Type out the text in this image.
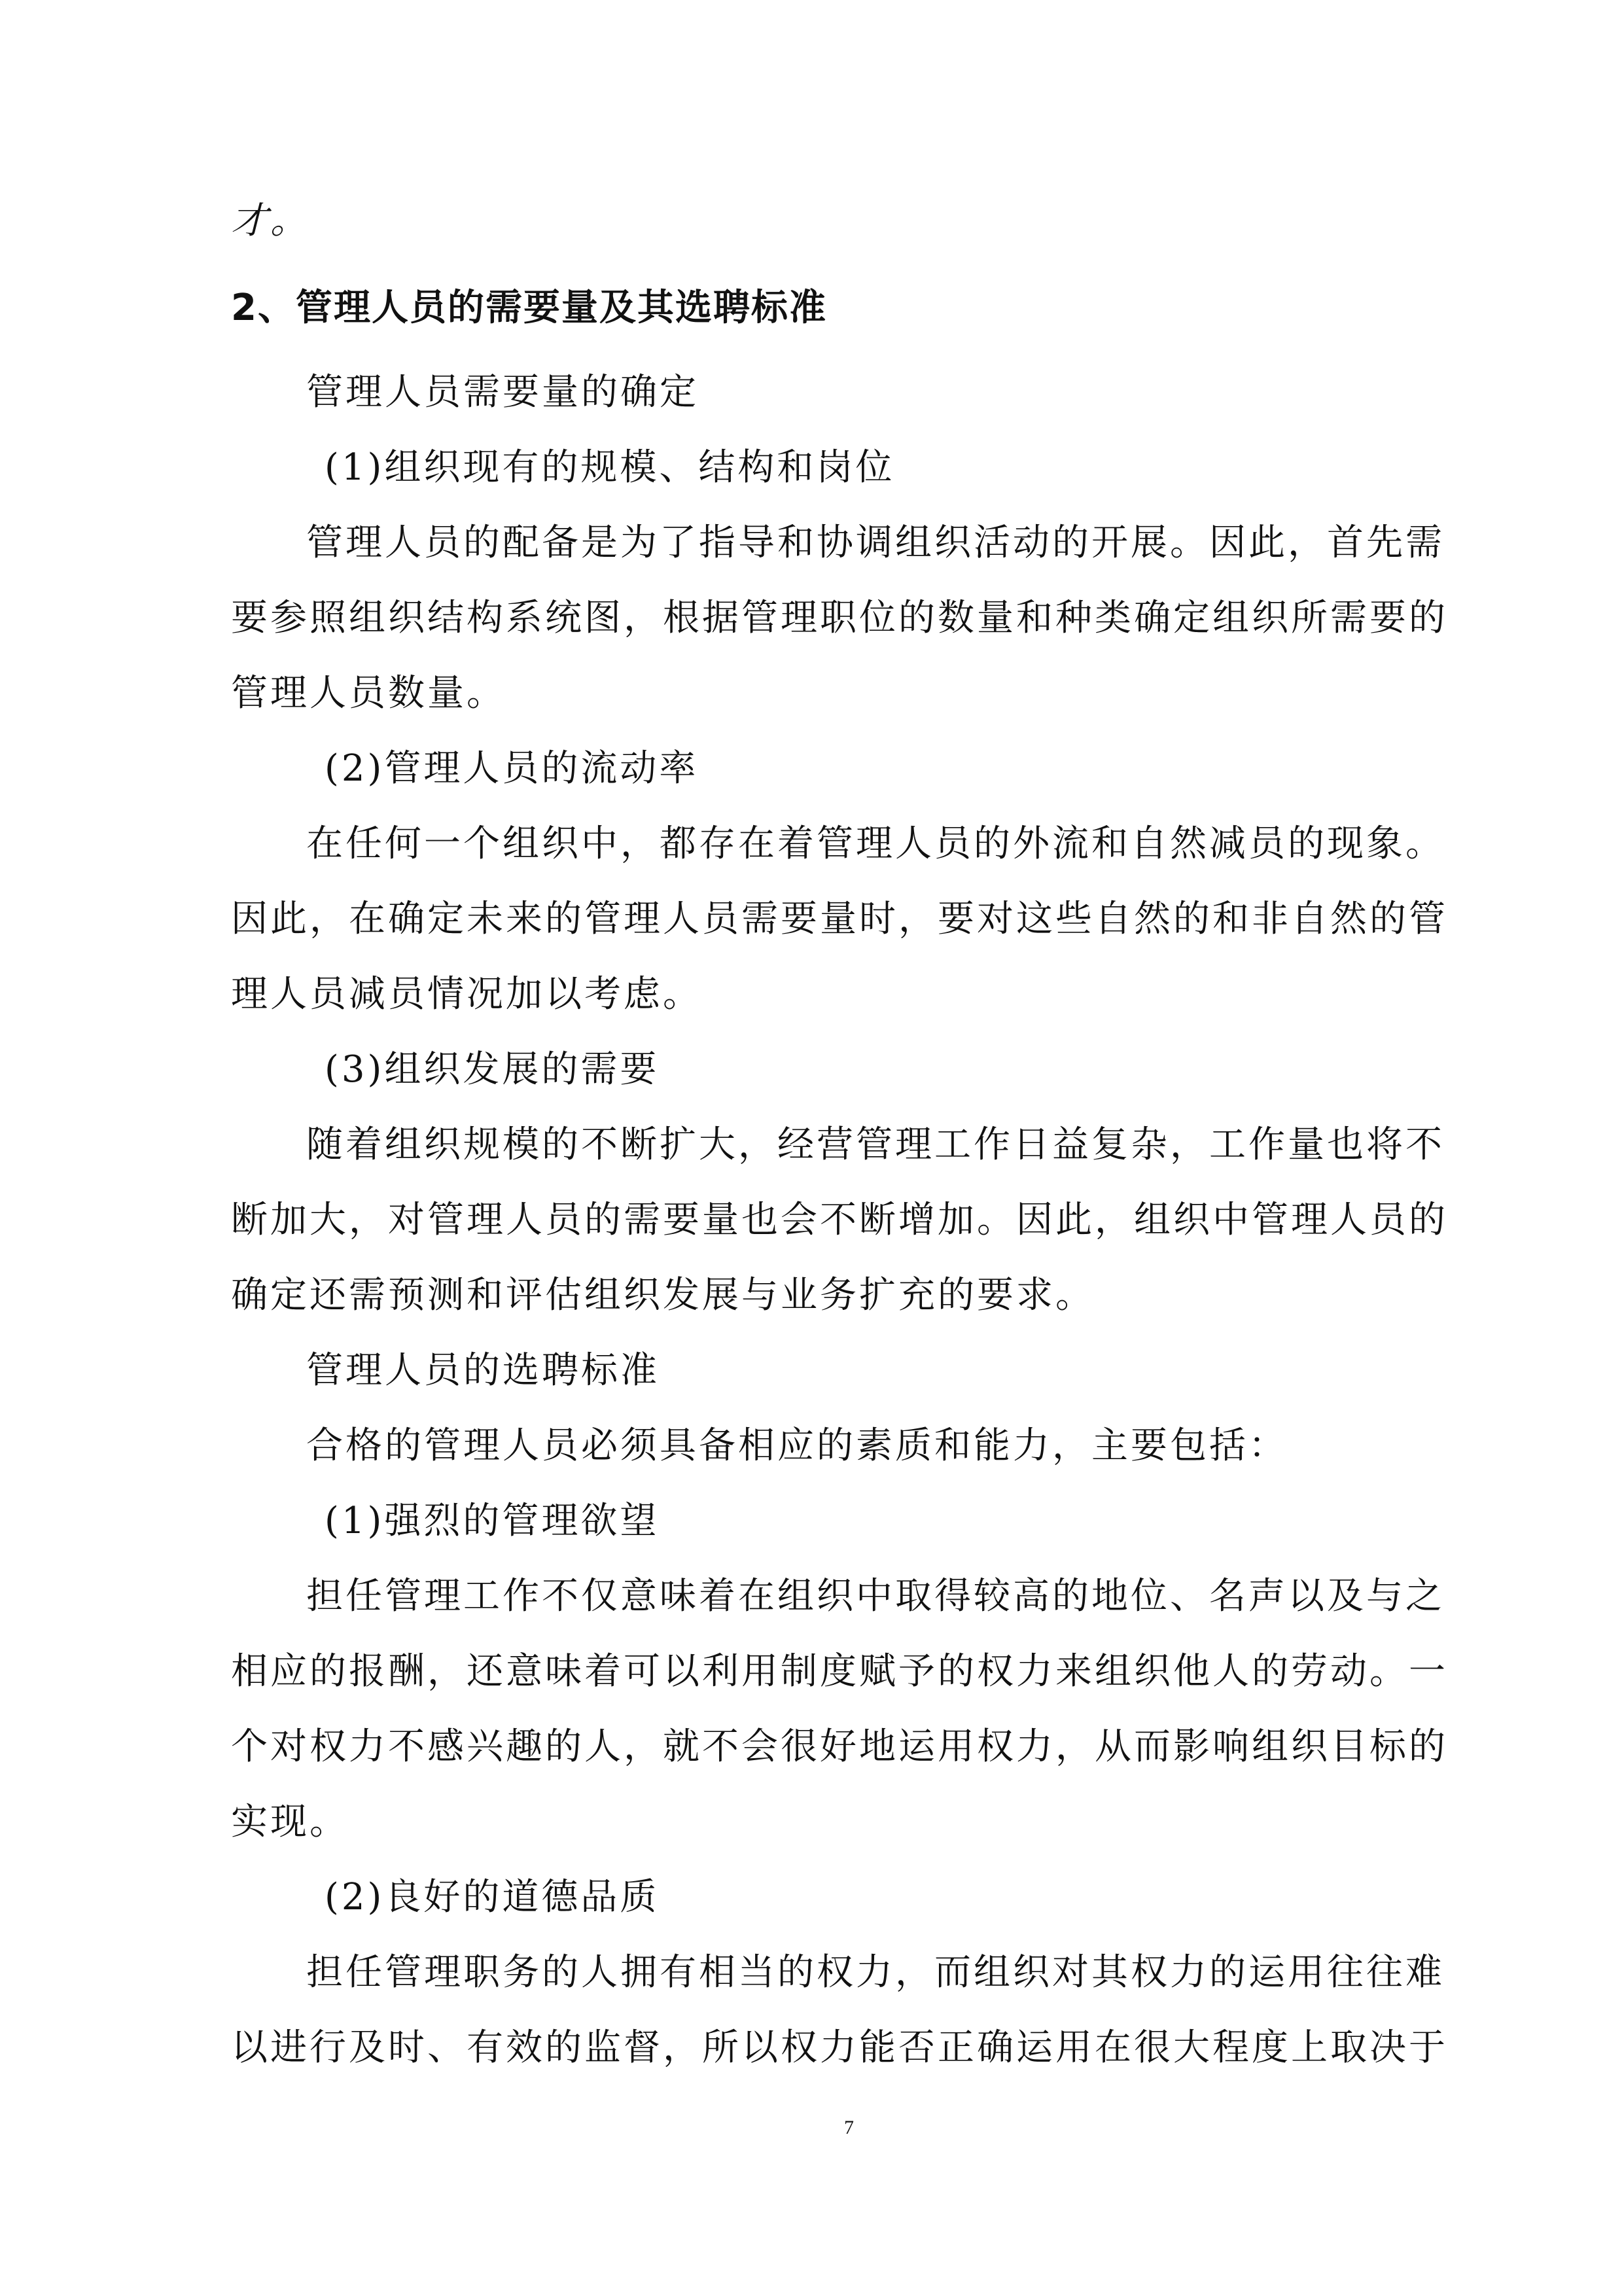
才。
2、管理人员的需要量及其选聘标准
管理人员需要量的确定
(1)组织现有的规模、结构和岗位
管理人员的配备是为了指导和协调组织活动的开展。因此，首先需
要参照组织结构系统图，根据管理职位的数量和种类确定组织所需要的
管理人员数量。
(2)管理人员的流动率
在任何一个组织中，都存在着管理人员的外流和自然减员的现象。
因此，在确定未来的管理人员需要量时，要对这些自然的和非自然的管
理人员减员情况加以考虑。
(3)组织发展的需要
随着组织规模的不断扩大，经营管理工作日益复杂，工作量也将不
断加大，对管理人员的需要量也会不断增加。因此，组织中管理人员的
确定还需预测和评估组织发展与业务扩充的要求。
管理人员的选聘标准
合格的管理人员必须具备相应的素质和能力，主要包括：
(1)强烈的管理欲望
担任管理工作不仅意味着在组织中取得较高的地位、名声以及与之
相应的报酬，还意味着可以利用制度赋予的权力来组织他人的劳动。一
个对权力不感兴趣的人，就不会很好地运用权力，从而影响组织目标的
实现。
(2)良好的道德品质
担任管理职务的人拥有相当的权力，而组织对其权力的运用往往难
以进行及时、有效的监督，所以权力能否正确运用在很大程度上取决于
7
